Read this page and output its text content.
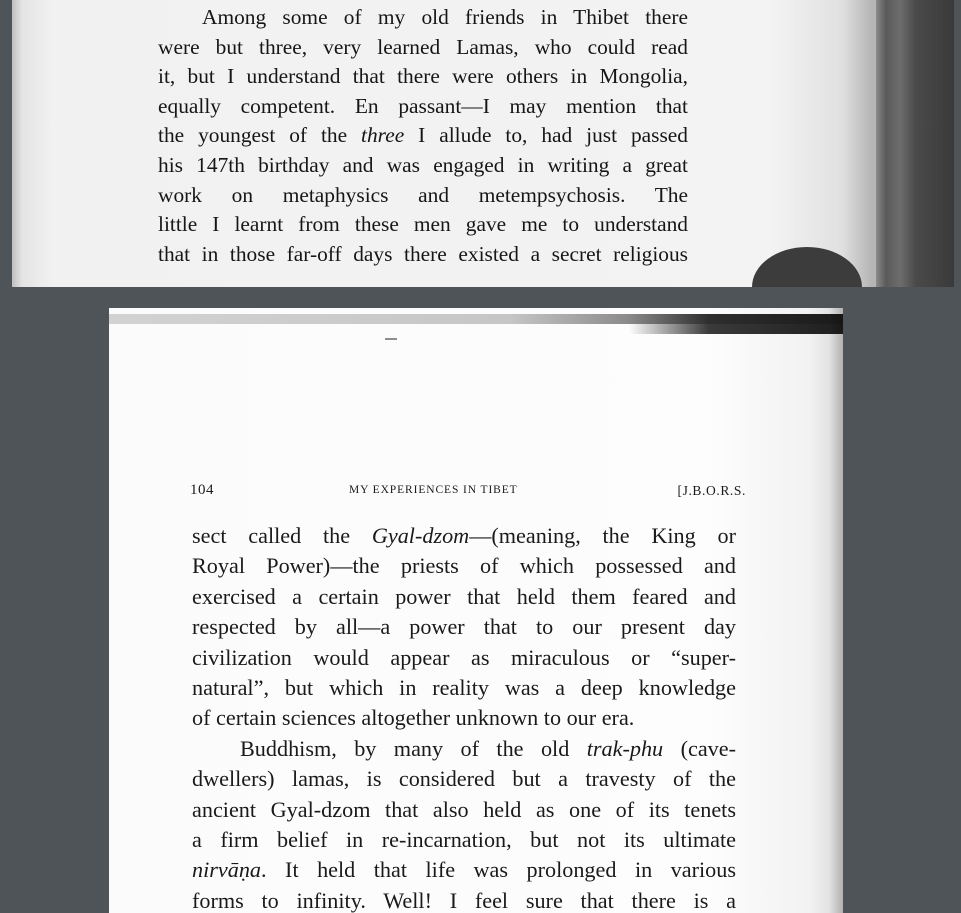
Among some of my old friends in Thibet there
were but three, very learned Lamas, who could read
it, but I understand that there were others in Mongolia,
equally competent. En passant—I may mention that
the youngest of the three I allude to, had just passed
his 147th birthday and was engaged in writing a great
work on metaphysics and metempsychosis. The
little I learnt from these men gave me to understand
that in those far-off days there existed a secret religious
104	MY EXPERIENCES IN TIBET	[J.B.O.R.S.
sect called the Gyal-dzom—(meaning, the King or
Royal Power)—the priests of which possessed and
exercised a certain power that held them feared and
respected by all—a power that to our present day
civilization would appear as miraculous or “super-
natural”, but which in reality was a deep knowledge
of certain sciences altogether unknown to our era.
Buddhism, by many of the old trak-phu (cave-
dwellers) lamas, is considered but a travesty of the
ancient Gyal-dzom that also held as one of its tenets
a firm belief in re-incarnation, but not its ultimate
nirvāṇa. It held that life was prolonged in various
forms to infinity. Well! I feel sure that there is a
